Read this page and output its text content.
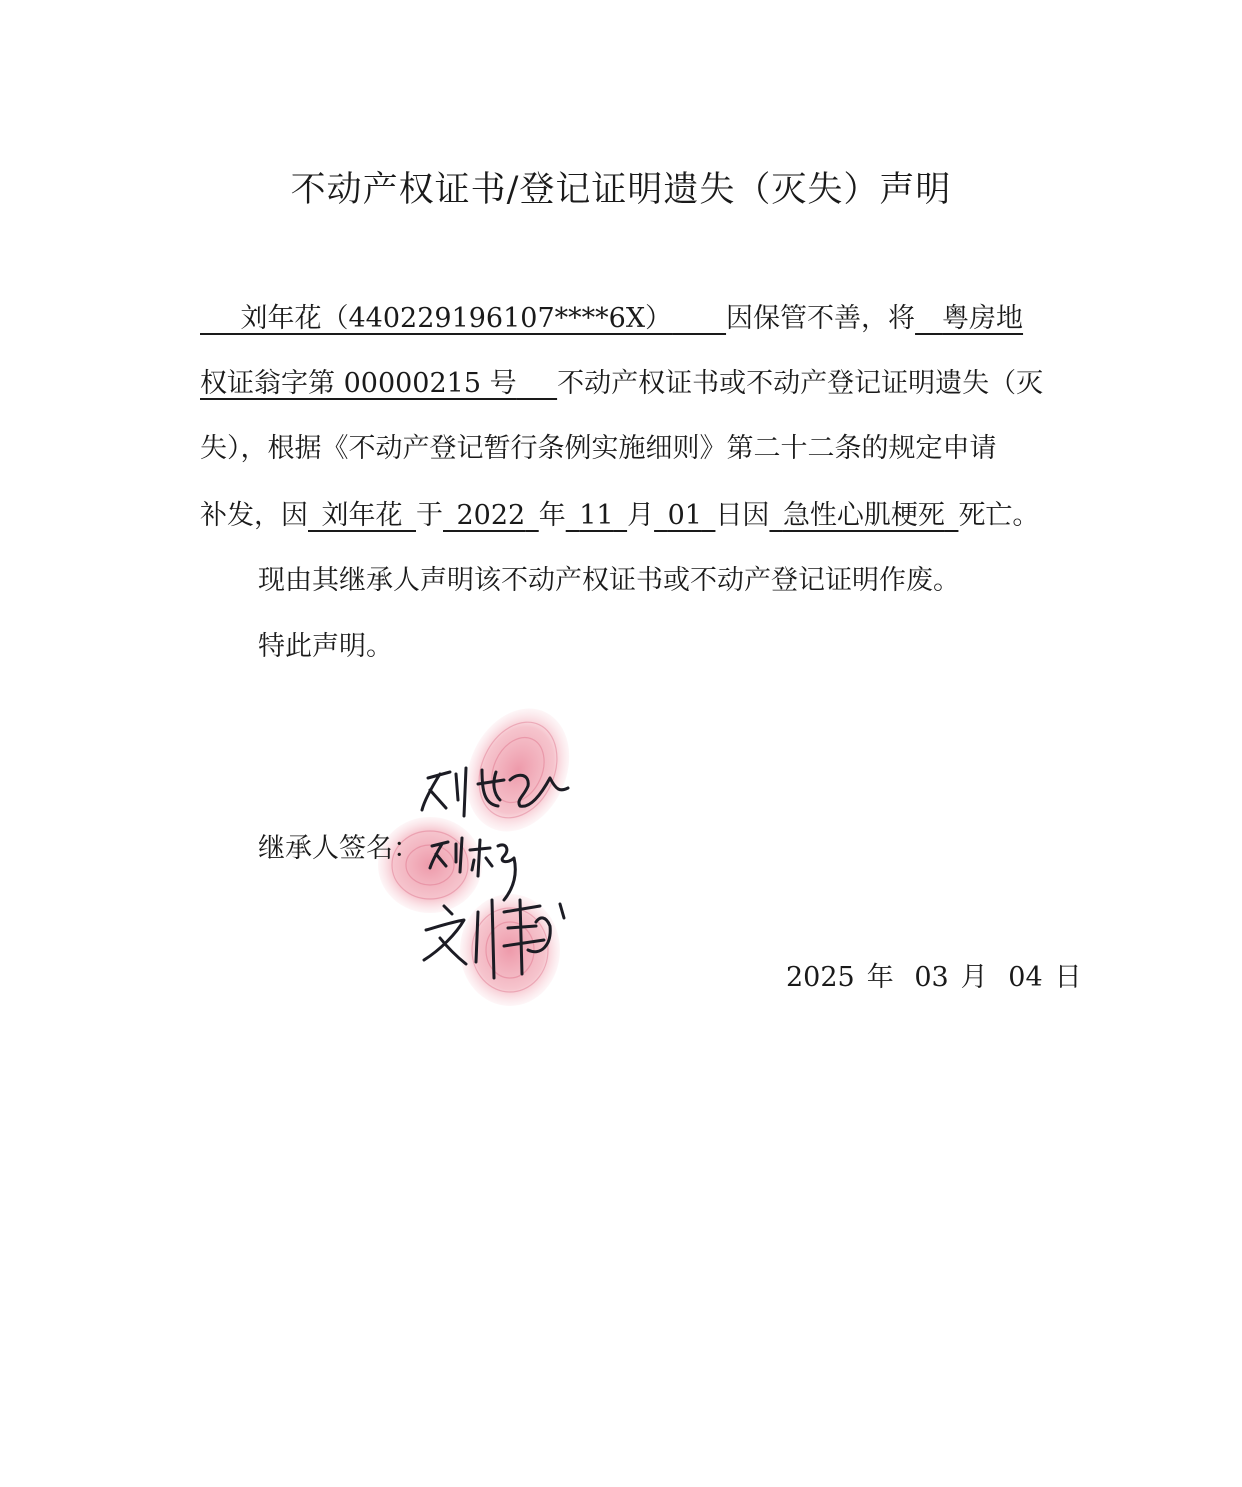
不动产权证书/登记证明遗失（灭失）声明
  刘年花（440229196107****6X）   因保管不善，将  粤房地
权证翁字第 00000215 号   不动产权证书或不动产登记证明遗失（灭
失），根据《不动产登记暂行条例实施细则》第二十二条的规定申请
补发，因  刘年花  于  2022  年  11  月  01  日因  急性心肌梗死  死亡。
现由其继承人声明该不动产权证书或不动产登记证明作废。
特此声明。
继承人签名：
2025 年 03 月 04 日
